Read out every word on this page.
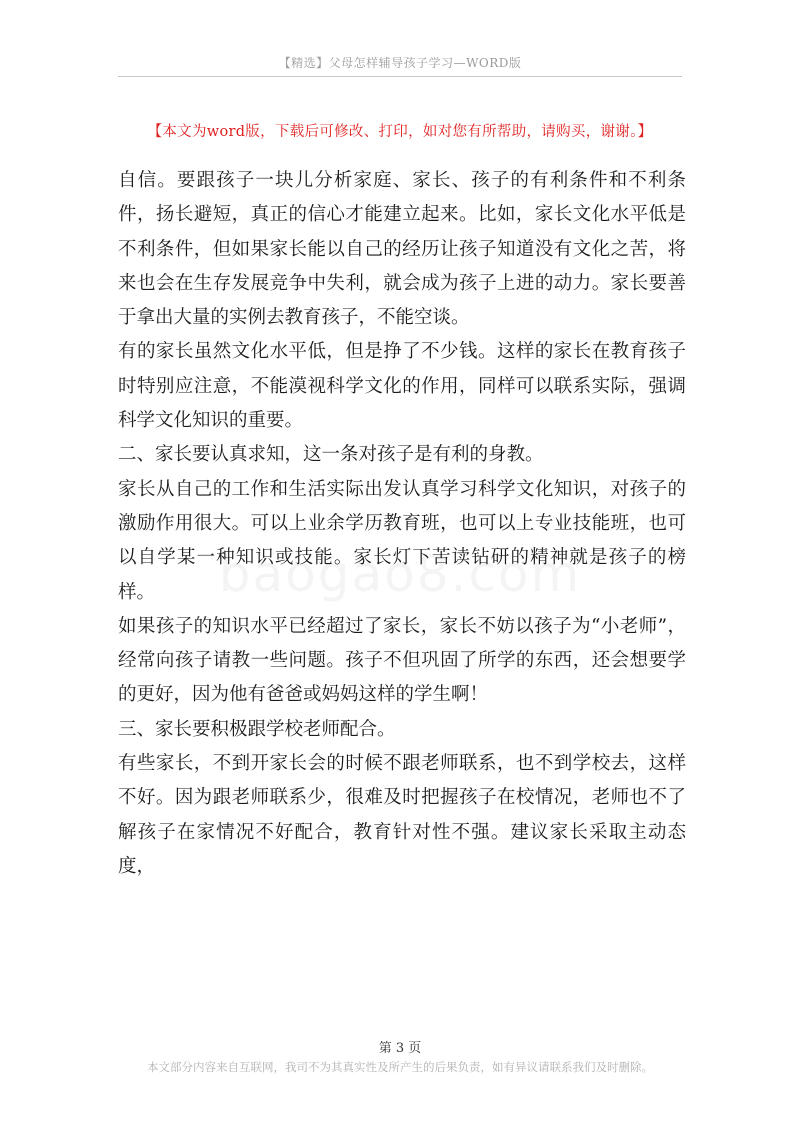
【精选】父母怎样辅导孩子学习—WORD版
【本文为word版，下载后可修改、打印，如对您有所帮助，请购买，谢谢。】

自信。要跟孩子一块儿分析家庭、家长、孩子的有利条件和不利条件，扬长避短，真正的信心才能建立起来。比如，家长文化水平低是不利条件，但如果家长能以自己的经历让孩子知道没有文化之苦，将来也会在生存发展竞争中失利，就会成为孩子上进的动力。家长要善于拿出大量的实例去教育孩子，不能空谈。

有的家长虽然文化水平低，但是挣了不少钱。这样的家长在教育孩子时特别应注意，不能漠视科学文化的作用，同样可以联系实际，强调科学文化知识的重要。

二、家长要认真求知，这一条对孩子是有利的身教。

家长从自己的工作和生活实际出发认真学习科学文化知识，对孩子的激励作用很大。可以上业余学历教育班，也可以上专业技能班，也可以自学某一种知识或技能。家长灯下苦读钻研的精神就是孩子的榜样。

如果孩子的知识水平已经超过了家长，家长不妨以孩子为“小老师”，经常向孩子请教一些问题。孩子不但巩固了所学的东西，还会想要学的更好，因为他有爸爸或妈妈这样的学生啊！

三、家长要积极跟学校老师配合。

有些家长，不到开家长会的时候不跟老师联系，也不到学校去，这样不好。因为跟老师联系少，很难及时把握孩子在校情况，老师也不了解孩子在家情况不好配合，教育针对性不强。建议家长采取主动态度，

第 3 页
本文部分内容来自互联网，我司不为其真实性及所产生的后果负责，如有异议请联系我们及时删除。
